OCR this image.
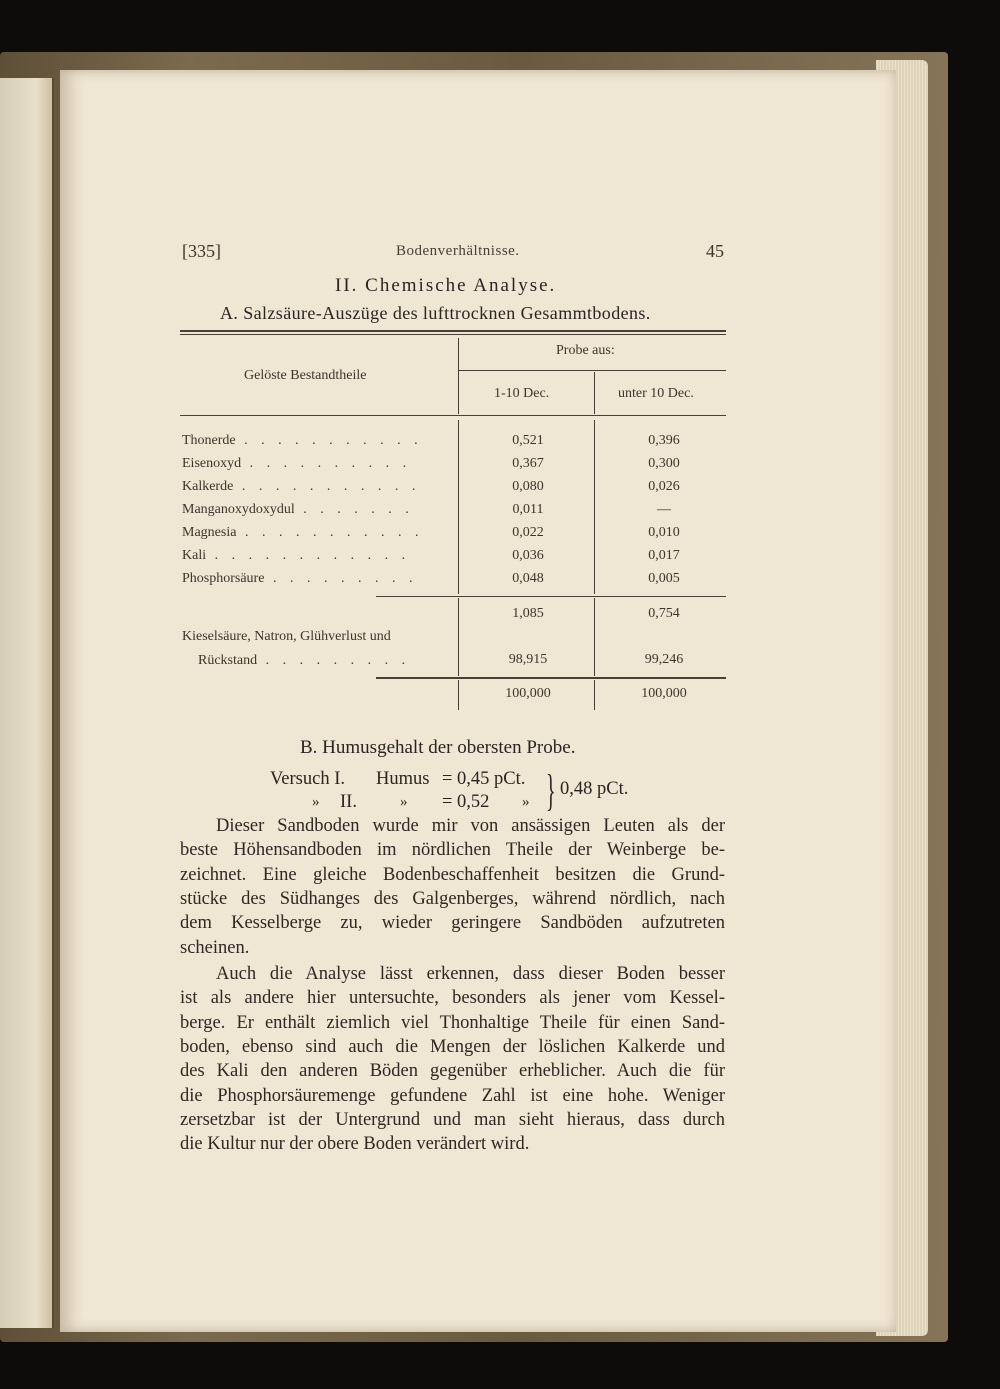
[335]	Bodenverhältnisse.	45
II. Chemische Analyse.
A. Salzsäure-Auszüge des lufttrocknen Gesammtbodens.
Gelöste Bestandtheile
Probe aus:
1-10 Dec.	unter 10 Dec.
Thonerde . . . . . . . . . . .	0,521	0,396
Eisenoxyd . . . . . . . . . .	0,367	0,300
Kalkerde . . . . . . . . . . .	0,080	0,026
Manganoxydoxydul . . . . . . .	0,011	—
Magnesia . . . . . . . . . . .	0,022	0,010
Kali . . . . . . . . . . . .	0,036	0,017
Phosphorsäure . . . . . . . . .	0,048	0,005
1,085	0,754
Kieselsäure, Natron, Glühverlust und
Rückstand . . . . . . . . .	98,915	99,246
100,000	100,000
B. Humusgehalt der obersten Probe.
Versuch I. Humus = 0,45 pCt.
» II.	» = 0,52 » } 0,48 pCt.
Dieser Sandboden wurde mir von ansässigen Leuten als der
beste Höhensandboden im nördlichen Theile der Weinberge be-
zeichnet. Eine gleiche Bodenbeschaffenheit besitzen die Grund-
stücke des Südhanges des Galgenberges, während nördlich, nach
dem Kesselberge zu, wieder geringere Sandböden aufzutreten
scheinen.
Auch die Analyse lässt erkennen, dass dieser Boden besser
ist als andere hier untersuchte, besonders als jener vom Kessel-
berge. Er enthält ziemlich viel Thonhaltige Theile für einen Sand-
boden, ebenso sind auch die Mengen der löslichen Kalkerde und
des Kali den anderen Böden gegenüber erheblicher. Auch die für
die Phosphorsäuremenge gefundene Zahl ist eine hohe. Weniger
zersetzbar ist der Untergrund und man sieht hieraus, dass durch
die Kultur nur der obere Boden verändert wird.
